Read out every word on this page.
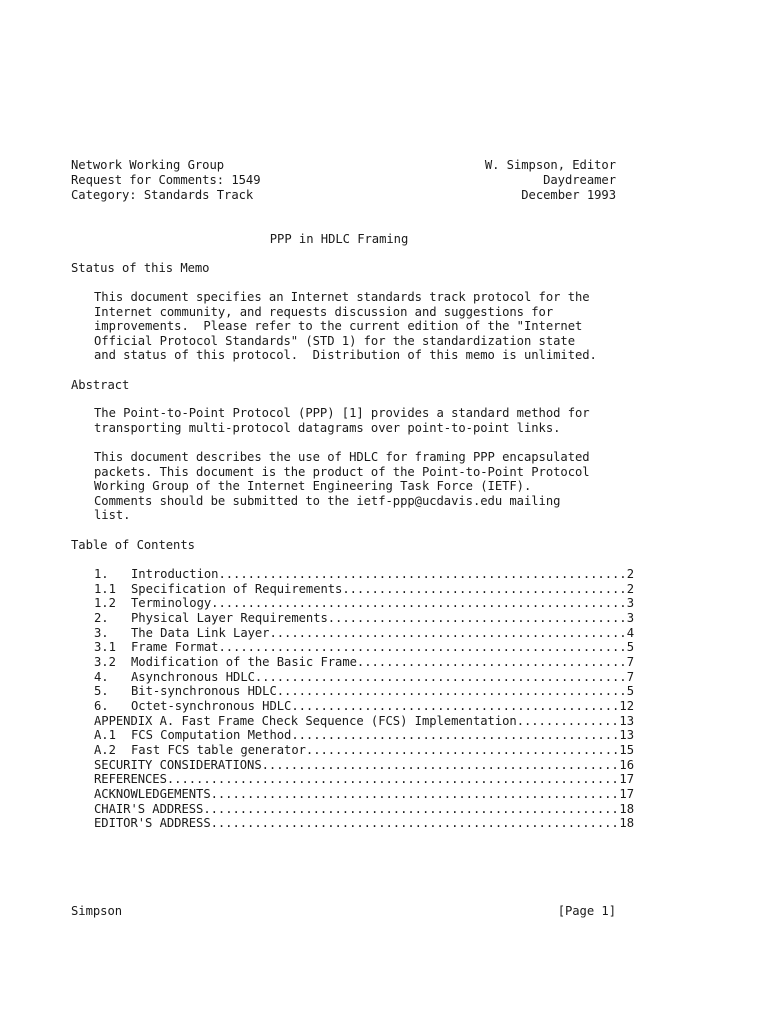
Network Working Group	W. Simpson, Editor
Request for Comments: 1549	Daydreamer
Category: Standards Track	December 1993
PPP in HDLC Framing
Status of this Memo
This document specifies an Internet standards track protocol for the
Internet community, and requests discussion and suggestions for
improvements.  Please refer to the current edition of the "Internet
Official Protocol Standards" (STD 1) for the standardization state
and status of this protocol.  Distribution of this memo is unlimited.
Abstract
The Point-to-Point Protocol (PPP) [1] provides a standard method for
transporting multi-protocol datagrams over point-to-point links.
This document describes the use of HDLC for framing PPP encapsulated
packets. This document is the product of the Point-to-Point Protocol
Working Group of the Internet Engineering Task Force (IETF).
Comments should be submitted to the ietf-ppp@ucdavis.edu mailing
list.
Table of Contents
1.	Introduction .....	2
1.1	Specification of Requirements .....	2
1.2	Terminology .....	3
2.	Physical Layer Requirements .....	3
3.	The Data Link Layer .....	4
3.1	Frame Format .....	5
3.2	Modification of the Basic Frame .....	7
4.	Asynchronous HDLC .....	7
5.	Bit-synchronous HDLC .....	5
6.	Octet-synchronous HDLC .....	12
APPENDIX A. Fast Frame Check Sequence (FCS) Implementation .....	13
A.1	FCS Computation Method .....	13
A.2	Fast FCS table generator .....	15
SECURITY CONSIDERATIONS .....	16
REFERENCES .....	17
ACKNOWLEDGEMENTS .....	17
CHAIR'S ADDRESS .....	18
EDITOR'S ADDRESS .....	18
Simpson	[Page 1]
